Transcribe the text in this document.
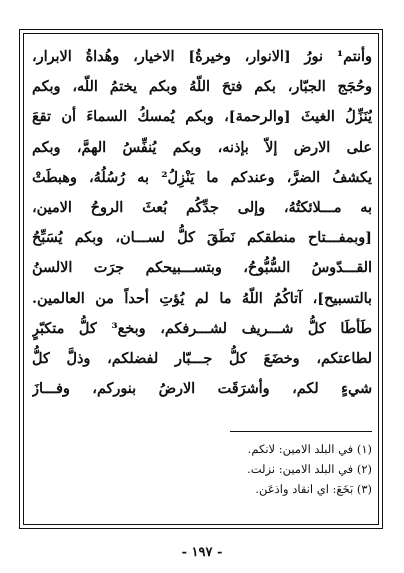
وأنتم¹ نورُ [الانوار، وخيرةُ] الاخيار، وهُداةُ الابرار،
وحُجَج الجبّار، بكم فتحَ اللّهُ وبكم يختمُ اللّه، وبكم
يُنَزِّلُ الغيثَ [والرحمة]، وبكم يُمسكُ السماءَ أن تقعَ
على الارض إلاّ بإذنه، وبكم يُنفِّسُ الهمَّ، وبكم
يكشفُ الضرَّ، وعندكم ما يَنْزِلُ² به رُسُلُهُ، وهبطَتْ
به مـــلائكتُهُ، وإلى جدِّكُم بُعثَ الروحُ الامين،
[وبمفـــتاح منطقكم نَطَقَ كلُّ لســـان، وبكم يُسَبِّحُ
القـــدّوسُ السُّبُّوحُ، وبتســـبيحكم جرَت الالسنُ
بالتسبيح]، آتاكُمُ اللّهُ ما لم يُؤتِ أحداً من العالمين.
طَأطَا كلُّ شـــريف لشـــرفكم، وبخع³ كلُّ متكبّرٍ
لطاعتكم، وخضَعَ كلُّ جـــبّار لفضلكم، وذلَّ كلُّ
شيءٍ لكم، وأشرَقَت الارضُ بنوركم، وفـــازَ
(١) في البلد الامين: لانكم.
(٢) في البلد الامين: نزلت.
(٣) بَخَعَ: اي انقاد واذعَن.
- ١٩٧ -
